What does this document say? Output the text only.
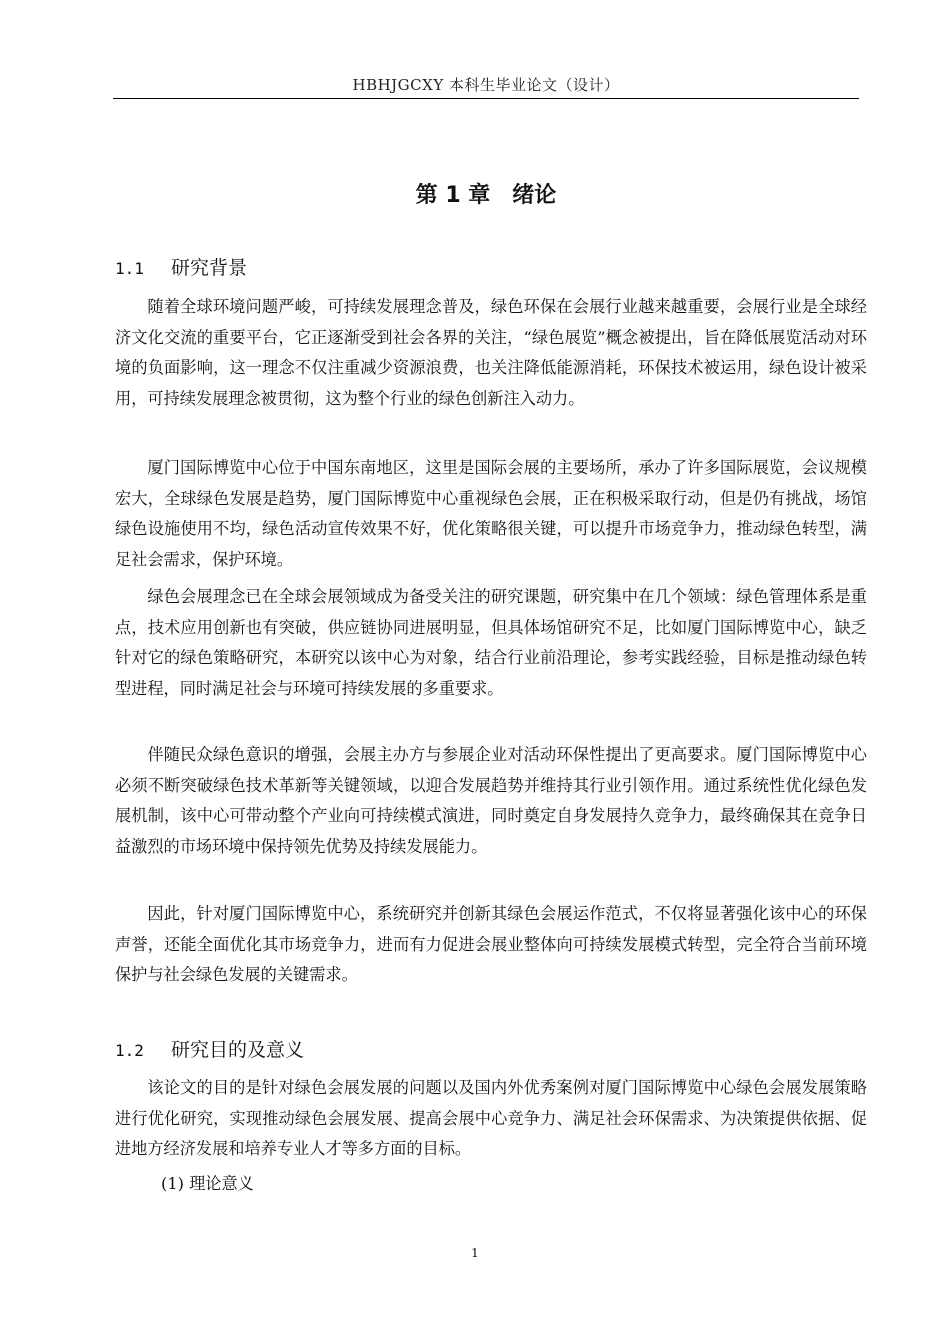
HBHJGCXY 本科生毕业论文（设计）
第 1 章　绪论
1.1 研究背景

随着全球环境问题严峻，可持续发展理念普及，绿色环保在会展行业越来越重要，会展行业是全球经济文化交流的重要平台，它正逐渐受到社会各界的关注，“绿色展览”概念被提出，旨在降低展览活动对环境的负面影响，这一理念不仅注重减少资源浪费，也关注降低能源消耗，环保技术被运用，绿色设计被采用，可持续发展理念被贯彻，这为整个行业的绿色创新注入动力。

厦门国际博览中心位于中国东南地区，这里是国际会展的主要场所，承办了许多国际展览，会议规模宏大，全球绿色发展是趋势，厦门国际博览中心重视绿色会展，正在积极采取行动，但是仍有挑战，场馆绿色设施使用不均，绿色活动宣传效果不好，优化策略很关键，可以提升市场竞争力，推动绿色转型，满足社会需求，保护环境。

绿色会展理念已在全球会展领域成为备受关注的研究课题，研究集中在几个领域：绿色管理体系是重点，技术应用创新也有突破，供应链协同进展明显，但具体场馆研究不足，比如厦门国际博览中心，缺乏针对它的绿色策略研究，本研究以该中心为对象，结合行业前沿理论，参考实践经验，目标是推动绿色转型进程，同时满足社会与环境可持续发展的多重要求。

伴随民众绿色意识的增强，会展主办方与参展企业对活动环保性提出了更高要求。厦门国际博览中心必须不断突破绿色技术革新等关键领域，以迎合发展趋势并维持其行业引领作用。通过系统性优化绿色发展机制，该中心可带动整个产业向可持续模式演进，同时奠定自身发展持久竞争力，最终确保其在竞争日益激烈的市场环境中保持领先优势及持续发展能力。

因此，针对厦门国际博览中心，系统研究并创新其绿色会展运作范式，不仅将显著强化该中心的环保声誉，还能全面优化其市场竞争力，进而有力促进会展业整体向可持续发展模式转型，完全符合当前环境保护与社会绿色发展的关键需求。

1.2 研究目的及意义

该论文的目的是针对绿色会展发展的问题以及国内外优秀案例对厦门国际博览中心绿色会展发展策略进行优化研究，实现推动绿色会展发展、提高会展中心竞争力、满足社会环保需求、为决策提供依据、促进地方经济发展和培养专业人才等多方面的目标。

(1) 理论意义
1
